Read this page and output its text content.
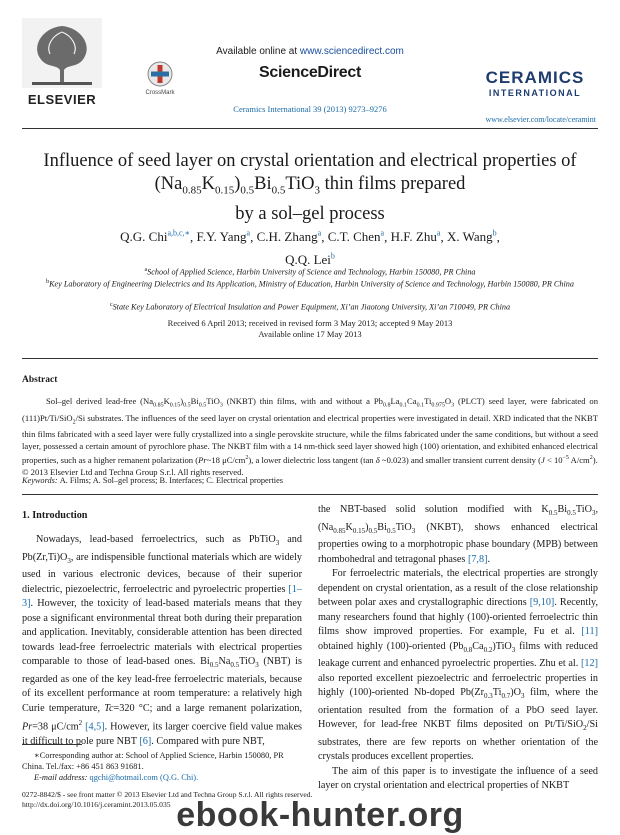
ELSEVIER
Available online at www.sciencedirect.com
CrossMark
ScienceDirect
Ceramics International 39 (2013) 9273–9276
CERAMICS
INTERNATIONAL
www.elsevier.com/locate/ceramint
Influence of seed layer on crystal orientation and electrical properties of
$(Na_{0.85}K_{0.15})_{0.5}Bi_{0.5}TiO_3$ thin films prepared
by a sol–gel process
Q.G. Chi$^{a,b,c,∗}$, F.Y. Yang$^a$, C.H. Zhang$^a$, C.T. Chen$^a$, H.F. Zhu$^a$, X. Wang$^b$,
Q.Q. Lei$^b$
$^a$School of Applied Science, Harbin University of Science and Technology, Harbin 150080, PR China
$^b$Key Laboratory of Engineering Dielectrics and Its Application, Ministry of Education, Harbin University of Science and Technology, Harbin 150080, PR China
$^c$State Key Laboratory of Electrical Insulation and Power Equipment, Xi’an Jiaotong University, Xi’an 710049, PR China
Received 6 April 2013; received in revised form 3 May 2013; accepted 9 May 2013
Available online 17 May 2013
Abstract

Sol–gel derived lead-free $(Na_{0.85}K_{0.15})_{0.5}Bi_{0.5}TiO_3$ (NKBT) thin films, with and without a $Pb_{0.8}La_{0.1}Ca_{0.1}Ti_{0.975}O_3$ (PLCT) seed layer, were fabricated on (111)Pt/Ti/SiO$_2$/Si substrates. The influences of the seed layer on crystal orientation and electrical properties were investigated in detail. XRD indicated that the NKBT thin films fabricated with a seed layer were fully crystallized into a single perovskite structure, while the films fabricated under the same conditions, but without a seed layer, possessed a certain amount of pyrochlore phase. The NKBT film with a 14 nm-thick seed layer showed high (100) orientation, and exhibited enhanced electrical properties, such as a higher remanent polarization (Pr~18 $\mu C/cm^2$), a lower dielectric loss tangent (tan δ ~0.023) and smaller transient current density ($J < 10^{-5}$ $A/cm^2$).

© 2013 Elsevier Ltd and Techna Group S.r.l. All rights reserved.

Keywords: A. Films; A. Sol–gel process; B. Interfaces; C. Electrical properties
1. Introduction

Nowadays, lead-based ferroelectrics, such as PbTiO$_3$ and $Pb(Zr,Ti)O_3$, are indispensible functional materials which are widely used in various electronic devices, because of their superior dielectric, piezoelectric, ferroelectric and pyroelectric properties [1–3]. However, the toxicity of lead-based materials means that they pose a significant environmental threat both during their preparation and application. Inevitably, considerable attention has been directed towards lead-free ferroelectric materials with electrical properties comparable to those of lead-based ones. $Bi_{0.5}Na_{0.5}TiO_3$ (NBT) is regarded as one of the key lead-free ferroelectric materials, because of its excellent performance at room temperature: a relatively high Curie temperature, Tc=320 °C; and a large remanent polarization, Pr=38 $\mu C/cm^2$ [4,5]. However, its larger coercive field value makes it difficult to pole pure NBT [6]. Compared with pure NBT,

the NBT-based solid solution modified with $K_{0.5}Bi_{0.5}TiO_3$, $(Na_{0.85}K_{0.15})_{0.5}Bi_{0.5}TiO_3$ (NKBT), shows enhanced electrical properties owing to a morphotropic phase boundary (MPB) between rhombohedral and tetragonal phases [7,8].

For ferroelectric materials, the electrical properties are strongly dependent on crystal orientation, as a result of the close relationship between polar axes and crystallographic directions [9,10]. Recently, many researchers found that highly (100)-oriented ferroelectric thin films show improved properties. For example, Fu et al. [11] obtained highly (100)-oriented $(Pb_{0.8}Ca_{0.2})TiO_3$ films with reduced leakage current and enhanced pyroelectric properties. Zhu et al. [12] also reported excellent piezoelectric and ferroelectric properties in highly (100)-oriented Nb-doped $Pb(Zr_{0.3}Ti_{0.7})O_3$ film, where the orientation resulted from the formation of a PbO seed layer. However, for lead-free NKBT films deposited on Pt/Ti/SiO$_2$/Si substrates, there are few reports on whether orientation of the crystals produces excellent properties.

The aim of this paper is to investigate the influence of a seed layer on crystal orientation and electrical properties of NKBT

∗Corresponding author at: School of Applied Science, Harbin 150080, PR China. Tel./fax: +86 451 863 91681.

E-mail address: qgchi@hotmail.com (Q.G. Chi).

0272-8842/$ - see front matter © 2013 Elsevier Ltd and Techna Group S.r.l. All rights reserved.
http://dx.doi.org/10.1016/j.ceramint.2013.05.035 ebook-hunter.org
